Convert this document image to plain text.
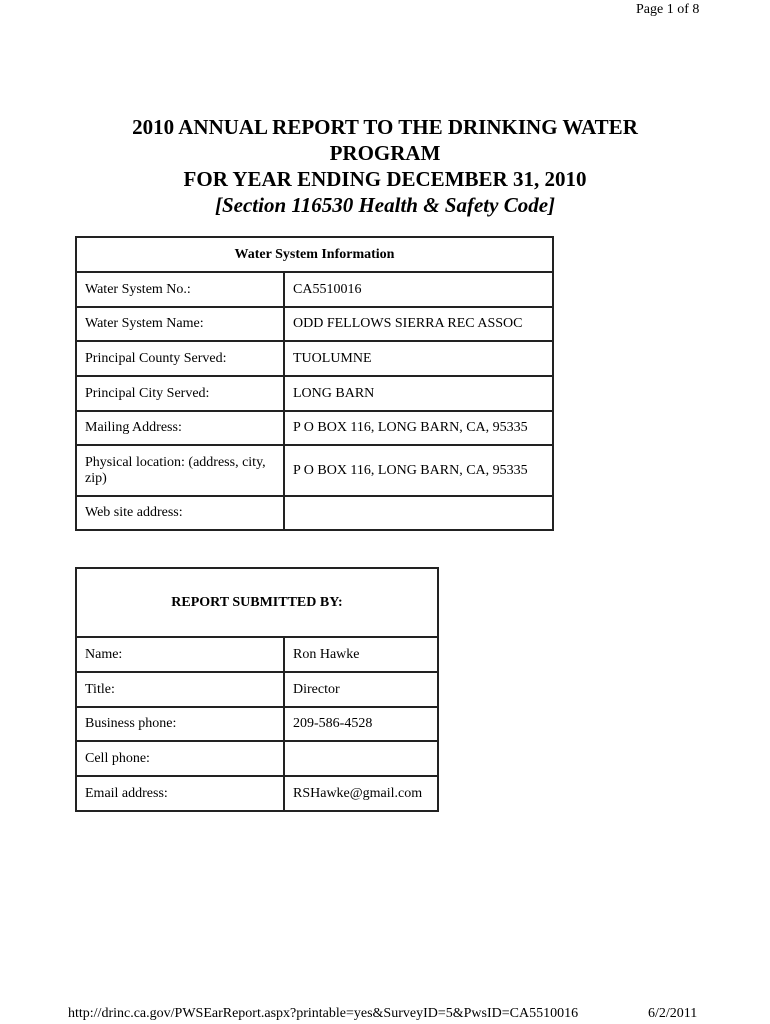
Page 1 of 8

2010 ANNUAL REPORT TO THE DRINKING WATER

PROGRAM

FOR YEAR ENDING DECEMBER 31, 2010

[Section 116530 Health & Safety Code]

Water System Information	
Water System No.:	CA5510016
Water System Name:	ODD FELLOWS SIERRA REC ASSOC
Principal County Served:	TUOLUMNE
Principal City Served:	LONG BARN
Mailing Address:	P O BOX 116, LONG BARN, CA, 95335
Physical location: (address, city, zip)	P O BOX 116, LONG BARN, CA, 95335
Web site address:	
REPORT SUBMITTED BY:	
Name:	Ron Hawke
Title:	Director
Business phone:	209-586-4528
Cell phone:	
Email address:	RSHawke@gmail.com
http://drinc.ca.gov/PWSEarReport.aspx?printable=yes&SurveyID=5&PwsID=CA5510016	6/2/2011
